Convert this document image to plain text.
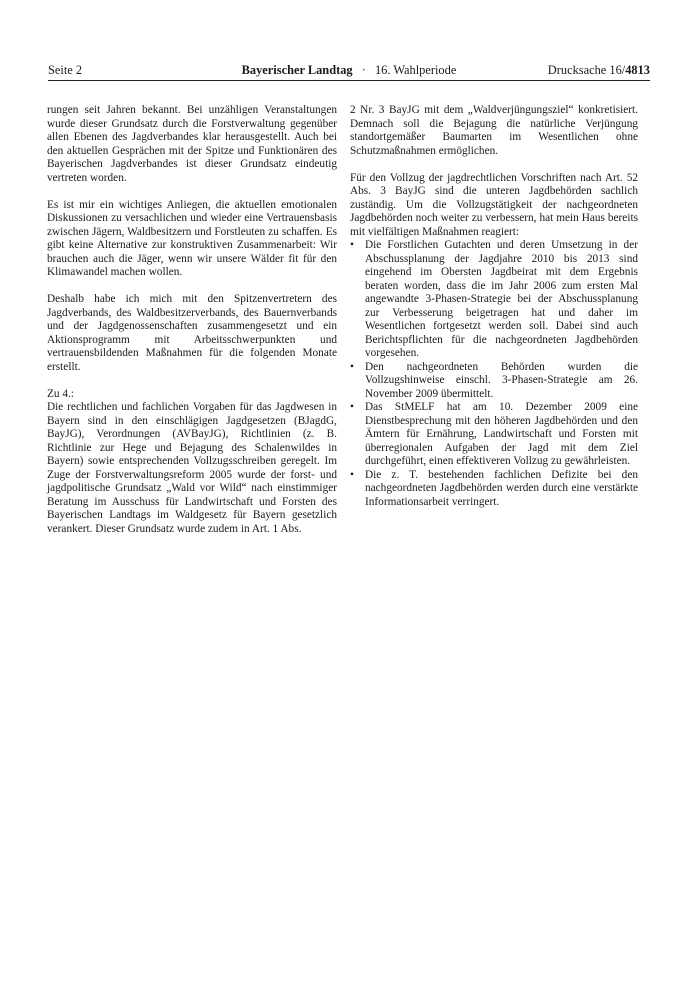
Seite 2	Bayerischer Landtag · 16. Wahlperiode	Drucksache 16/4813

rungen seit Jahren bekannt. Bei unzähligen Veranstaltungen wurde dieser Grundsatz durch die Forstverwaltung gegenüber allen Ebenen des Jagdverbandes klar herausgestellt. Auch bei den aktuellen Gesprächen mit der Spitze und Funktionären des Bayerischen Jagdverbandes ist dieser Grundsatz eindeutig vertreten worden.

Es ist mir ein wichtiges Anliegen, die aktuellen emotionalen Diskussionen zu versachlichen und wieder eine Vertrauensbasis zwischen Jägern, Waldbesitzern und Forstleuten zu schaffen. Es gibt keine Alternative zur konstruktiven Zusammenarbeit: Wir brauchen auch die Jäger, wenn wir unsere Wälder fit für den Klimawandel machen wollen.

Deshalb habe ich mich mit den Spitzenvertretern des Jagdverbands, des Waldbesitzerverbands, des Bauernverbands und der Jagdgenossenschaften zusammengesetzt und ein Aktionsprogramm mit Arbeitsschwerpunkten und vertrauensbildenden Maßnahmen für die folgenden Monate erstellt.

Zu 4.:

Die rechtlichen und fachlichen Vorgaben für das Jagdwesen in Bayern sind in den einschlägigen Jagdgesetzen (BJagdG, BayJG), Verordnungen (AVBayJG), Richtlinien (z. B. Richtlinie zur Hege und Bejagung des Schalenwildes in Bayern) sowie entsprechenden Vollzugsschreiben geregelt. Im Zuge der Forstverwaltungsreform 2005 wurde der forst- und jagdpolitische Grundsatz „Wald vor Wild“ nach einstimmiger Beratung im Ausschuss für Landwirtschaft und Forsten des Bayerischen Landtags im Waldgesetz für Bayern gesetzlich verankert. Dieser Grundsatz wurde zudem in Art. 1 Abs.

2 Nr. 3 BayJG mit dem „Waldverjüngungsziel“ konkretisiert. Demnach soll die Bejagung die natürliche Verjüngung standortgemäßer Baumarten im Wesentlichen ohne Schutzmaßnahmen ermöglichen.

Für den Vollzug der jagdrechtlichen Vorschriften nach Art. 52 Abs. 3 BayJG sind die unteren Jagdbehörden sachlich zuständig. Um die Vollzugstätigkeit der nachgeordneten Jagdbehörden noch weiter zu verbessern, hat mein Haus bereits mit vielfältigen Maßnahmen reagiert:

• Die Forstlichen Gutachten und deren Umsetzung in der Abschussplanung der Jagdjahre 2010 bis 2013 sind eingehend im Obersten Jagdbeirat mit dem Ergebnis beraten worden, dass die im Jahr 2006 zum ersten Mal angewandte 3-Phasen-Strategie bei der Abschussplanung zur Verbesserung beigetragen hat und daher im Wesentlichen fortgesetzt werden soll. Dabei sind auch Berichtspflichten für die nachgeordneten Jagdbehörden vorgesehen.
• Den nachgeordneten Behörden wurden die Vollzugshinweise einschl. 3-Phasen-Strategie am 26. November 2009 übermittelt.
• Das StMELF hat am 10. Dezember 2009 eine Dienstbesprechung mit den höheren Jagdbehörden und den Ämtern für Ernährung, Landwirtschaft und Forsten mit überregionalen Aufgaben der Jagd mit dem Ziel durchgeführt, einen effektiveren Vollzug zu gewährleisten.
• Die z. T. bestehenden fachlichen Defizite bei den nachgeordneten Jagdbehörden werden durch eine verstärkte Informationsarbeit verringert.
